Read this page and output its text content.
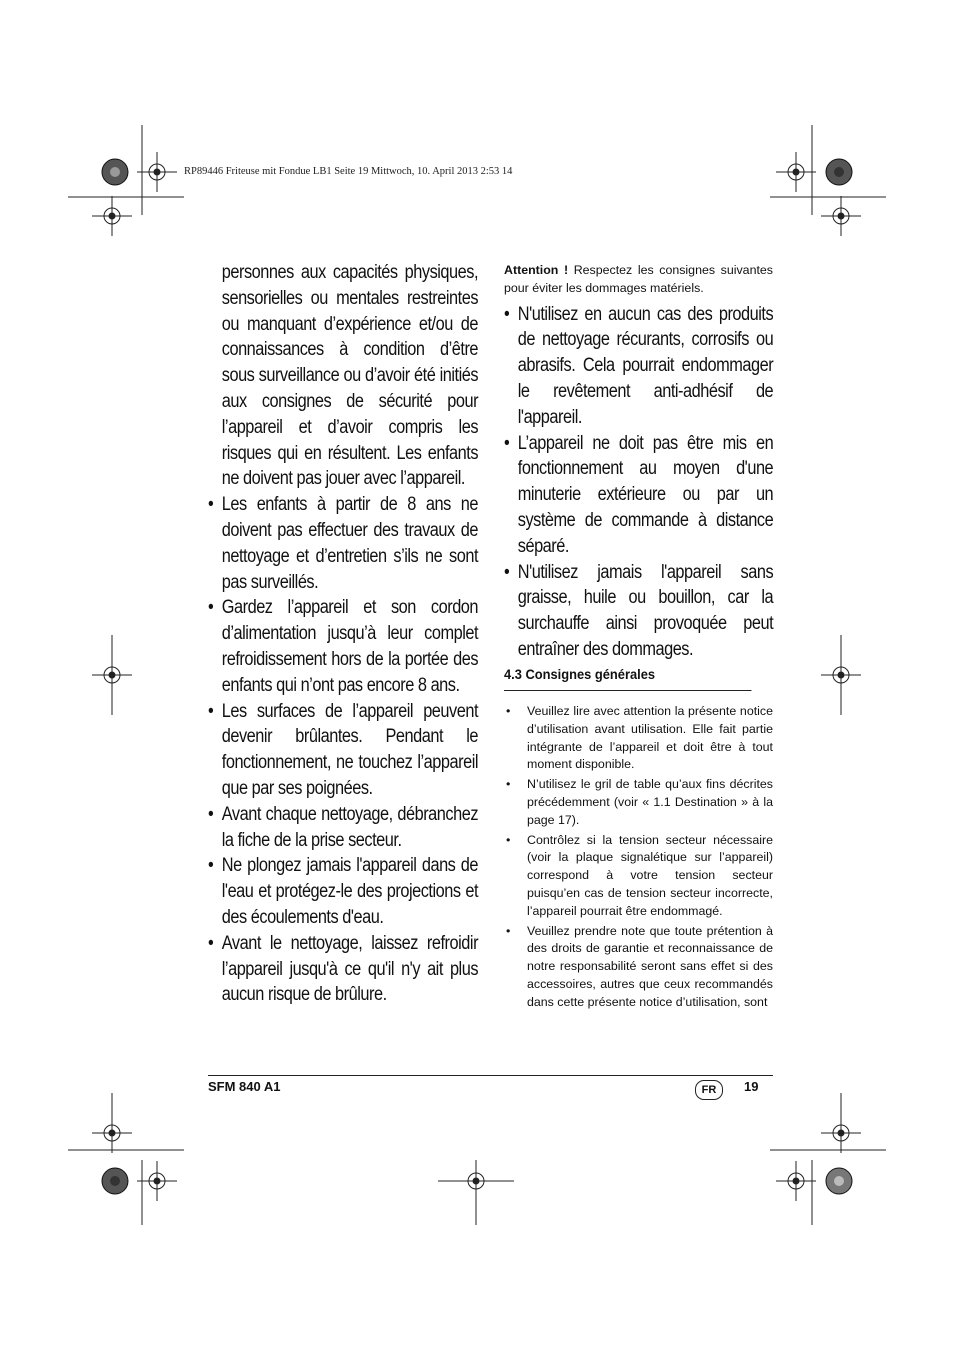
RP89446 Friteuse mit Fondue LB1 Seite 19 Mittwoch, 10. April 2013 2:53 14

personnes aux capacités physiques, sensorielles ou mentales restreintes ou manquant d’expérience et/ou de connaissances à condition d’être sous surveillance ou d’avoir été initiés aux consignes de sécurité pour l’appareil et d’avoir compris les risques qui en résultent. Les enfants ne doivent pas jouer avec l’appareil.

• Les enfants à partir de 8 ans ne doivent pas effectuer des travaux de nettoyage et d’entretien s’ils ne sont pas surveillés.

• Gardez l’appareil et son cordon d’alimentation jusqu’à leur complet refroidissement hors de la portée des enfants qui n’ont pas encore 8 ans.

• Les surfaces de l’appareil peuvent devenir brûlantes. Pendant le fonctionnement, ne touchez l’appareil que par ses poignées.

• Avant chaque nettoyage, débranchez la fiche de la prise secteur.

• Ne plongez jamais l'appareil dans de l'eau et protégez-le des projections et des écoulements d'eau.

• Avant le nettoyage, laissez refroidir l’appareil jusqu'à ce qu'il n'y ait plus aucun risque de brûlure.

Attention ! Respectez les consignes suivantes pour éviter les dommages matériels.

• N'utilisez en aucun cas des produits de nettoyage récurants, corrosifs ou abrasifs. Cela pourrait endommager le revêtement anti-adhésif de l'appareil.

• L’appareil ne doit pas être mis en fonctionnement au moyen d'une minuterie extérieure ou par un système de commande à distance séparé.

• N'utilisez jamais l'appareil sans graisse, huile ou bouillon, car la surchauffe ainsi provoquée peut entraîner des dommages.

4.3 Consignes générales

• Veuillez lire avec attention la présente notice d’utilisation avant utilisation. Elle fait partie intégrante de l’appareil et doit être à tout moment disponible.

• N’utilisez le gril de table qu’aux fins décrites précédemment (voir « 1.1 Destination » à la page 17).

• Contrôlez si la tension secteur nécessaire (voir la plaque signalétique sur l’appareil) correspond à votre tension secteur puisqu’en cas de tension secteur incorrecte, l’appareil pourrait être endommagé.

• Veuillez prendre note que toute prétention à des droits de garantie et reconnaissance de notre responsabilité seront sans effet si des accessoires, autres que ceux recommandés dans cette présente notice d’utilisation, sont

SFM 840 A1	FR	19
